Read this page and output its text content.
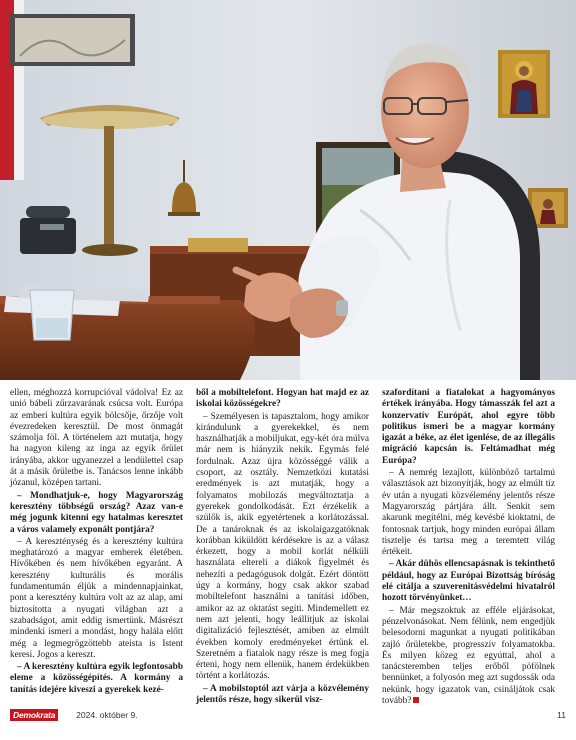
ellen, méghozzá korrupcióval vádolva! Ez az unió bábeli zűrzavarának csúcsa volt. Európa az emberi kultúra egyik bölcsője, őrzője volt évezredeken keresztül. De most önmagát számolja föl. A történelem azt mutatja, hogy ha nagyon kileng az inga az egyik őrület irányába, akkor ugyanezzel a lendülettel csap át a másik őrületbe is. Tanácsos lenne inkább józanul, középen tartani.

– Mondhatjuk-e, hogy Magyarország keresztény többségű ország? Azaz van-e még jogunk kitenni egy hatalmas keresztet a város valamely exponált pontjára?

– A kereszténység és a keresztény kultúra meghatározó a magyar emberek életében. Hívőkében és nem hívőkében egyaránt. A keresztény kulturális és morális fundamentumán éljük a mindennapjainkat, pont a keresztény kultúra volt az az alap, ami biztosította a nyugati világban azt a szabadságot, amit eddig ismertünk. Másrészt mindenki ismeri a mondást, hogy halála előtt még a legmegrögzöttebb ateista is Istent keresi. Jogos a kereszt.

– A keresztény kultúra egyik legfontosabb eleme a közösségépítés. A kormány a tanítás idejére kiveszi a gyerekek kezé-

ből a mobiltelefont. Hogyan hat majd ez az iskolai közösségekre?

– Személyesen is tapasztalom, hogy amikor kirándulunk a gyerekekkel, és nem használhatják a mobiljukat, egy-két óra múlva már nem is hiányzik nekik. Egymás felé fordulnak. Azaz újra közösséggé válik a csoport, az osztály. Nemzetközi kutatási eredmények is azt mutatják, hogy a folyamatos mobilozás megváltoztatja a gyerekek gondolkodását. Ezt érzékelik a szülők is, akik egyetértenek a korlátozással. De a tanároknak és az iskolaigazgatóknak korábban kiküldött kérdésekre is az a válasz érkezett, hogy a mobil korlát nélküli használata elterelí a diákok figyelmét és nehezíti a pedagógusok dolgát. Ezért döntött úgy a kormány, hogy csak akkor szabad mobiltelefont használni a tanítási időben, amikor az az oktatást segíti. Mindemellett ez nem azt jelenti, hogy leállítjuk az iskolai digitalizáció fejlesztését, amiben az elmúlt években komoly eredményeket értünk el. Szeretném a fiatalok nagy része is meg fogja érteni, hogy nem ellenük, hanem érdekükben történt a korlátozás.

– A mobilstoptól azt várja a közvélemény jelentős része, hogy sikerül visz-

szafordítani a fiatalokat a hagyományos értékek irányába. Hogy támasszák fel azt a konzervatív Európát, ahol egyre több politikus ismeri be a magyar kormány igazát a béke, az élet igenlése, de az illegális migráció kapcsán is. Feltámadhat még Európa?

– A nemrég lezajlott, különböző tartalmú választások azt bizonyítják, hogy az elmúlt tíz év után a nyugati közvélemény jelentős része Magyarország pártjára állt. Senkit sem akarunk megítélni, még kevésbé kioktatni, de fontosnak tartjuk, hogy minden európai állam tisztelje és tartsa meg a teremtett világ értékeit.

– Akár dühös ellencsapásnak is tekinthető például, hogy az Európai Bizottság bíróság elé citálja a szuverenitásvédelmi hivatalról hozott törvényünket…

– Már megszoktuk az efféle eljárásokat, pénzelvonásokat. Nem félünk, nem engedjük belesodorni magunkat a nyugati politikában zajló őrületekbe, progresszív folyamatokba. És milyen közeg ez egyúttal, ahol a tanácsteremben teljes erőből pöfölnek bennünket, a folyosón meg azt sugdossák oda nekünk, hogy igazatok van, csináljátok csak tovább?

Demokrata	2024. október 9.	11
